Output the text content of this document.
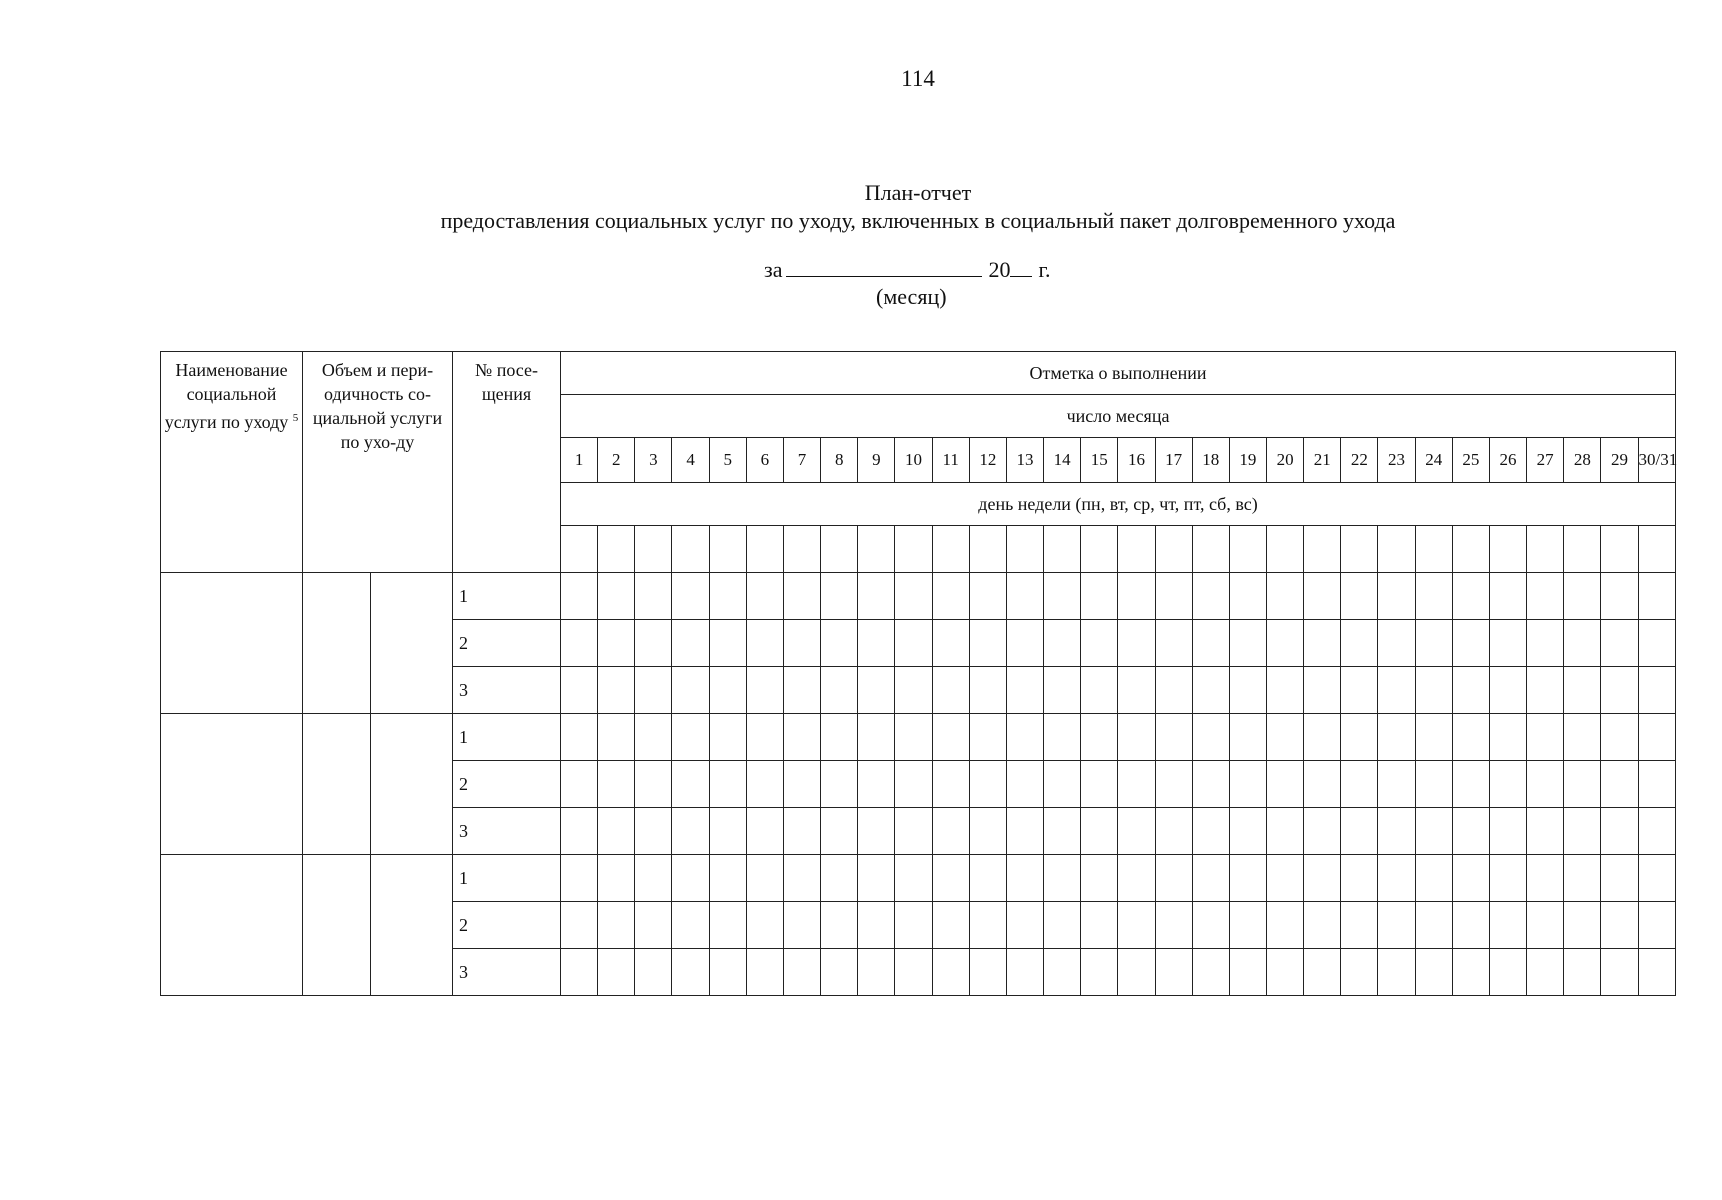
114
План-отчет
предоставления социальных услуг по уходу, включенных в социальный пакет долговременного ухода
за	20 г.
(месяц)
Наименование социальной услуги по уходу $^5$	Объем и пери-одичность со-циальной услуги по ухо-ду		№ посе-щения	Отметка о выполнении																													
				число месяца																													
				1	2	3	4	5	6	7	8	9	10	11	12	13	14	15	16	17	18	19	20	21	22	23	24	25	26	27	28	29	30/31
				день недели (пн, вт, ср, чт, пт, сб, вс)																													

			1																														
			2																														
			3																														
			1																														
			2																														
			3																														
			1																														
			2																														
			3																														
